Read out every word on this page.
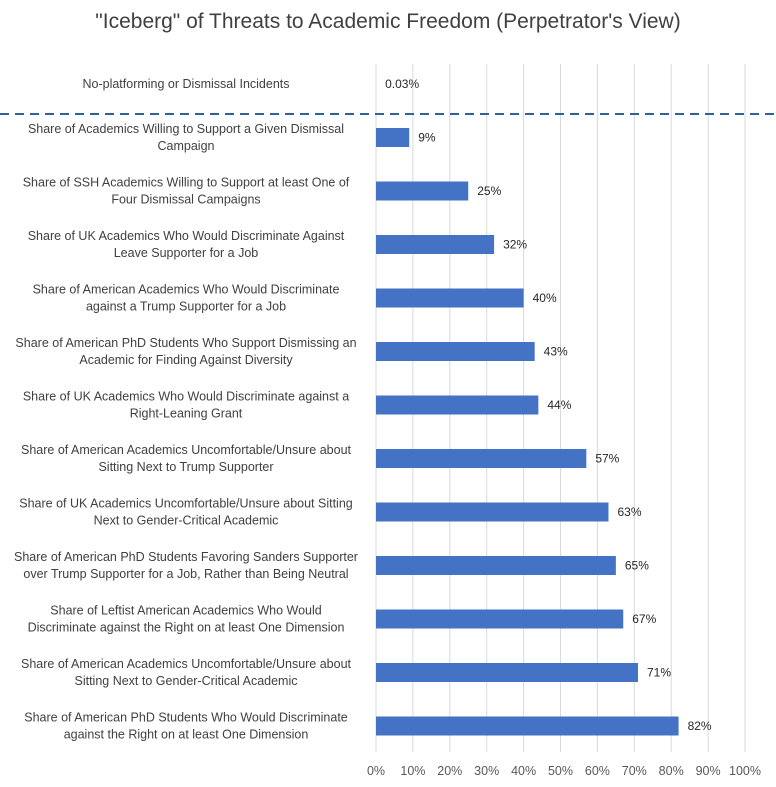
"Iceberg" of Threats to Academic Freedom (Perpetrator's View)
0.03%
No-platforming or Dismissal Incidents
9%
Share of Academics Willing to Support a Given Dismissal Campaign
25%
Share of SSH Academics Willing to Support at least One of Four Dismissal Campaigns
32%
Share of UK Academics Who Would Discriminate Against Leave Supporter for a Job
40%
Share of American Academics Who Would Discriminate against a Trump Supporter for a Job
43%
Share of American PhD Students Who Support Dismissing an Academic for Finding Against Diversity
44%
Share of UK Academics Who Would Discriminate against a Right-Leaning Grant
57%
Share of American Academics Uncomfortable/Unsure about Sitting Next to Trump Supporter
63%
Share of UK Academics Uncomfortable/Unsure about Sitting Next to Gender-Critical Academic
65%
Share of American PhD Students Favoring Sanders Supporter over Trump Supporter for a Job, Rather than Being Neutral
67%
Share of Leftist American Academics Who Would Discriminate against the Right on at least One Dimension
71%
Share of American Academics Uncomfortable/Unsure about Sitting Next to Gender-Critical Academic
82%
Share of American PhD Students Who Would Discriminate against the Right on at least One Dimension
0% 10% 20% 30% 40% 50% 60% 70% 80% 90% 100%
